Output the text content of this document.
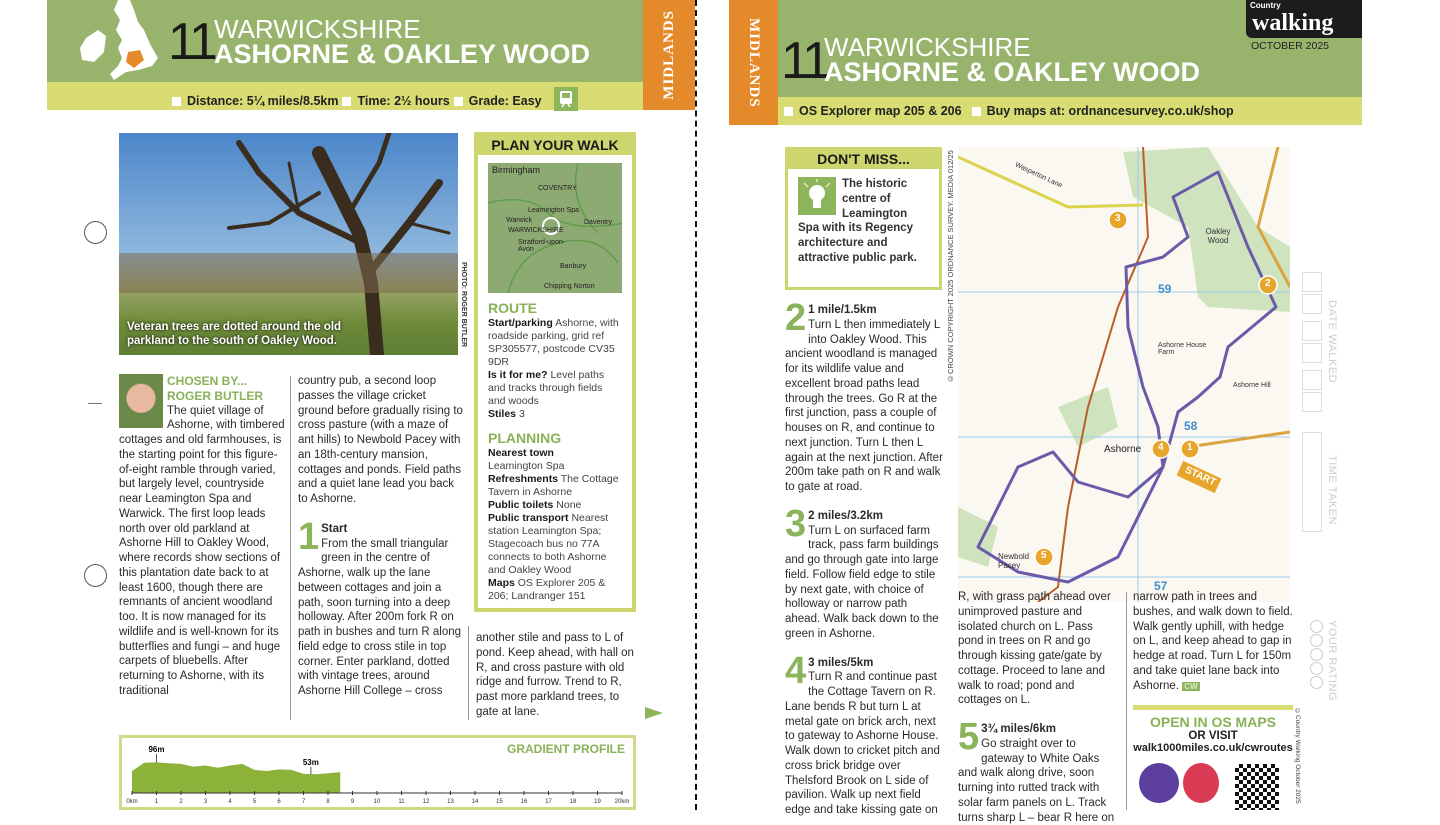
11 WARWICKSHIRE
ASHORNE & OAKLEY WOOD
Distance: 5¼ miles/8.5km Time: 2½ hours Grade: Easy
MIDLANDS
Veteran trees are dotted around the old parkland to the south of Oakley Wood.	PHOTO: ROGER BUTLER
PLAN YOUR WALK
Birmingham
COVENTRY
Leamington Spa
Warwick
WARWICKSHIRE
Stratford-upon-Avon
Daventry
Banbury
Chipping Norton
ROUTE

Start/parking Ashorne, with roadside parking, grid ref SP305577, postcode CV35 9DR

Is it for me? Level paths and tracks through fields and woods

Stiles 3

PLANNING

Nearest town
Leamington Spa

Refreshments The Cottage Tavern in Ashorne

Public toilets None

Public transport Nearest station Leamington Spa; Stagecoach bus no 77A connects to both Ashorne and Oakley Wood

Maps OS Explorer 205 & 206; Landranger 151

CHOSEN BY...
ROGER BUTLER
The quiet village of Ashorne, with timbered cottages and old farmhouses, is the starting point for this figure-of-eight ramble through varied, but largely level, countryside near Leamington Spa and Warwick. The first loop leads north over old parkland at Ashorne Hill to Oakley Wood, where records show sections of this plantation date back to at least 1600, though there are remnants of ancient woodland too. It is now managed for its wildlife and is well-known for its butterflies and fungi – and huge carpets of bluebells. After returning to Ashorne, with its traditional
country pub, a second loop passes the village cricket ground before gradually rising to cross pasture (with a maze of ant hills) to Newbold Pacey with an 18th-century mansion, cottages and ponds. Field paths and a quiet lane lead you back to Ashorne.
1 Start
From the small triangular green in the centre of Ashorne, walk up the lane between cottages and join a path, soon turning into a deep holloway. After 200m fork R on path in bushes and turn R along field edge to cross stile in top corner. Enter parkland, dotted with vintage trees, around Ashorne Hill College – cross
another stile and pass to L of pond. Keep ahead, with hall on R, and cross pasture with old ridge and furrow. Trend to R, past more parkland trees, to gate at lane.
GRADIENT PROFILE
0km	1	2	3	4	5	6	7	8	9	10	11	12	13	14	15	16	17	18	19 20km
96m
53m
MIDLANDS 11
WARWICKSHIRE
ASHORNE & OAKLEY WOOD
Country
walking
OCTOBER 2025
OS Explorer map 205 & 206 Buy maps at: ordnancesurvey.co.uk/shop
DON'T MISS...
The historic centre of Leamington Spa with its Regency architecture and attractive public park.	©CROWN COPYRIGHT 2025 ORDNANCE SURVEY. MEDIA 012/25
1
2
3
4
5
START
Oakley Wood
Ashorne
Newbold Pacey
Wasperton Lane
Ashorne House Farm
Ashorne Hill
59
58
57
2 1 mile/1.5km
Turn L then immediately L into Oakley Wood. This ancient woodland is managed for its wildlife value and excellent broad paths lead through the trees. Go R at the first junction, pass a couple of houses on R, and continue to next junction. Turn L then L again at the next junction. After 200m take path on R and walk to gate at road.
3 2 miles/3.2km
Turn L on surfaced farm track, pass farm buildings and go through gate into large field. Follow field edge to stile by next gate, with choice of holloway or narrow path ahead. Walk back down to the green in Ashorne.
4 3 miles/5km
Turn R and continue past the Cottage Tavern on R. Lane bends R but turn L at metal gate on brick arch, next to gateway to Ashorne House. Walk down to cricket pitch and cross brick bridge over Thelsford Brook on L side of pavilion. Walk up next field edge and take kissing gate on
R, with grass path ahead over unimproved pasture and isolated church on L. Pass pond in trees on R and go through kissing gate/gate by cottage. Proceed to lane and walk to road; pond and cottages on L.
5 3¾ miles/6km
Go straight over to gateway to White Oaks and walk along drive, soon turning into rutted track with solar farm panels on L. Track turns sharp L – bear R here on
narrow path in trees and bushes, and walk down to field. Walk gently uphill, with hedge on L, and keep ahead to gap in hedge at road. Turn L for 150m and take quiet lane back into Ashorne. CW
OPEN IN OS MAPS
OR VISIT
walk1000miles.co.uk/cwroutes ©Country Walking October 2025
DATE WALKED
TIME TAKEN
YOUR RATING
